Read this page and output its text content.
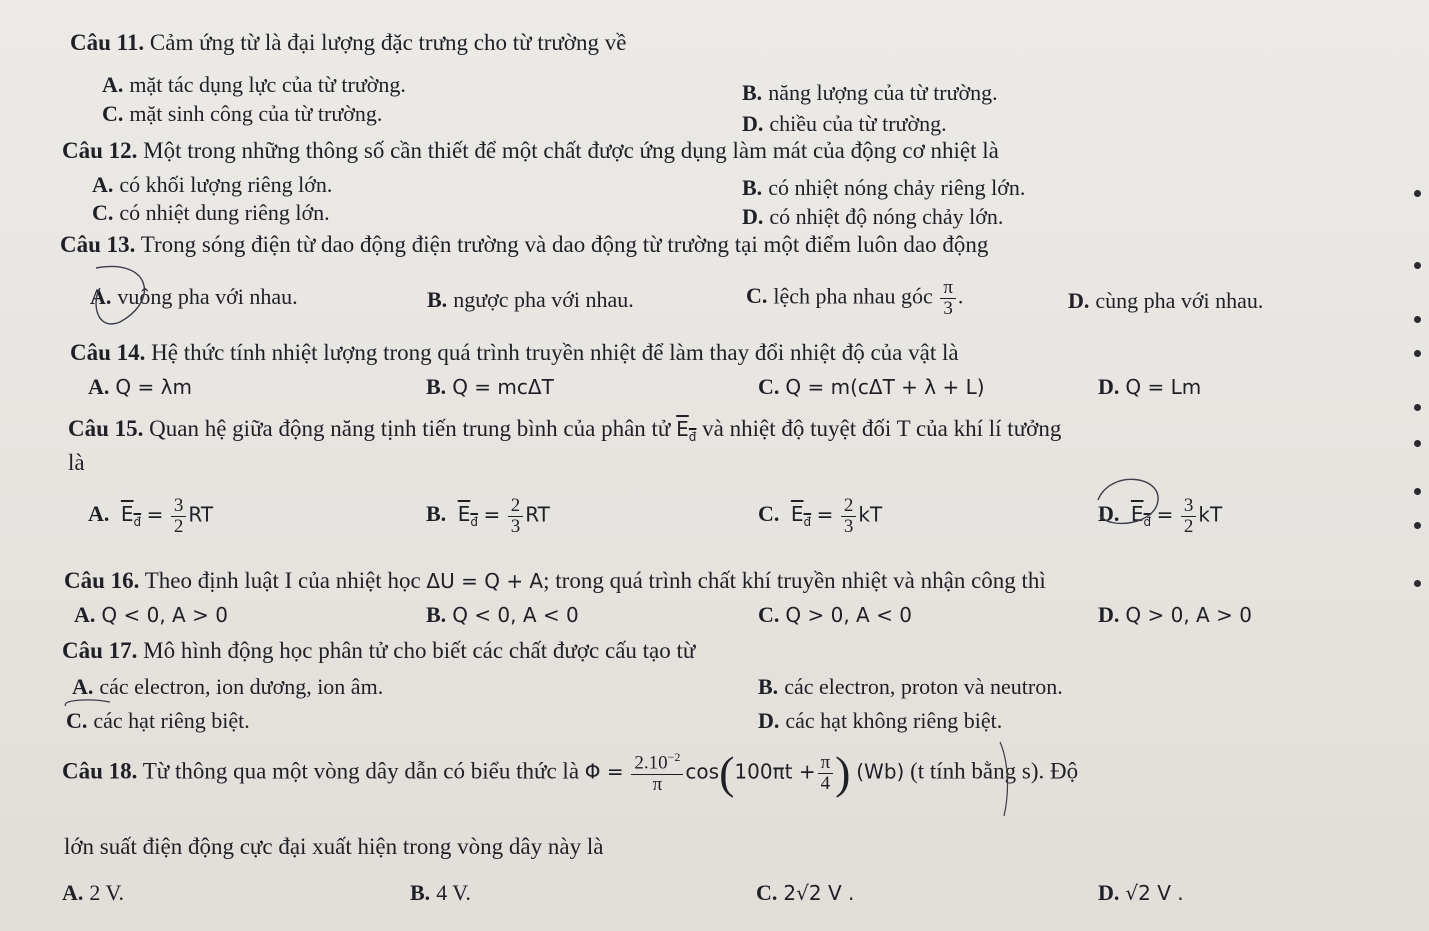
Câu 11. Cảm ứng từ là đại lượng đặc trưng cho từ trường về
A. mặt tác dụng lực của từ trường.	B. năng lượng của từ trường.
C. mặt sinh công của từ trường.	D. chiều của từ trường.
Câu 12. Một trong những thông số cần thiết để một chất được ứng dụng làm mát của động cơ nhiệt là
A. có khối lượng riêng lớn.	B. có nhiệt nóng chảy riêng lớn.
C. có nhiệt dung riêng lớn.	D. có nhiệt độ nóng chảy lớn.
Câu 13. Trong sóng điện từ dao động điện trường và dao động từ trường tại một điểm luôn dao động
A. vuông pha với nhau.	B. ngược pha với nhau.	C. lệch pha nhau góc $\frac{\pi}{3}$ .	D. cùng pha với nhau.
Câu 14. Hệ thức tính nhiệt lượng trong quá trình truyền nhiệt để làm thay đổi nhiệt độ của vật là
A. Q = λm	B. Q = mcΔT	C. Q = m(cΔT + λ + L)	D. Q = Lm
Câu 15. Quan hệ giữa động năng tịnh tiến trung bình của phân tử $E_đ$ và nhiệt độ tuyệt đối T của khí lí tưởng
là
A. $E_đ = \frac{3}{2}$ RT	B. $E_đ = \frac{2}{3}$ RT	C. $E_đ = \frac{2}{3}$ kT	D. $E_đ = \frac{3}{2}$ kT
Câu 16. Theo định luật I của nhiệt học ΔU = Q + A; trong quá trình chất khí truyền nhiệt và nhận công thì
A. Q < 0, A > 0	B. Q < 0, A < 0	C. Q > 0, A < 0	D. Q > 0, A > 0
Câu 17. Mô hình động học phân tử cho biết các chất được cấu tạo từ
A. các electron, ion dương, ion âm.	B. các electron, proton và neutron.
C. các hạt riêng biệt.	D. các hạt không riêng biệt.
Câu 18. Từ thông qua một vòng dây dẫn có biểu thức là $\Phi = \frac{2.10^{-2}}{\pi} \cos(100\pi t + \frac{\pi}{4}$ ) (Wb) (t tính bằng s). Độ
lớn suất điện động cực đại xuất hiện trong vòng dây này là
A. 2 V.	B. 4 V.	C. 2√2 V .	D. √2 V .
